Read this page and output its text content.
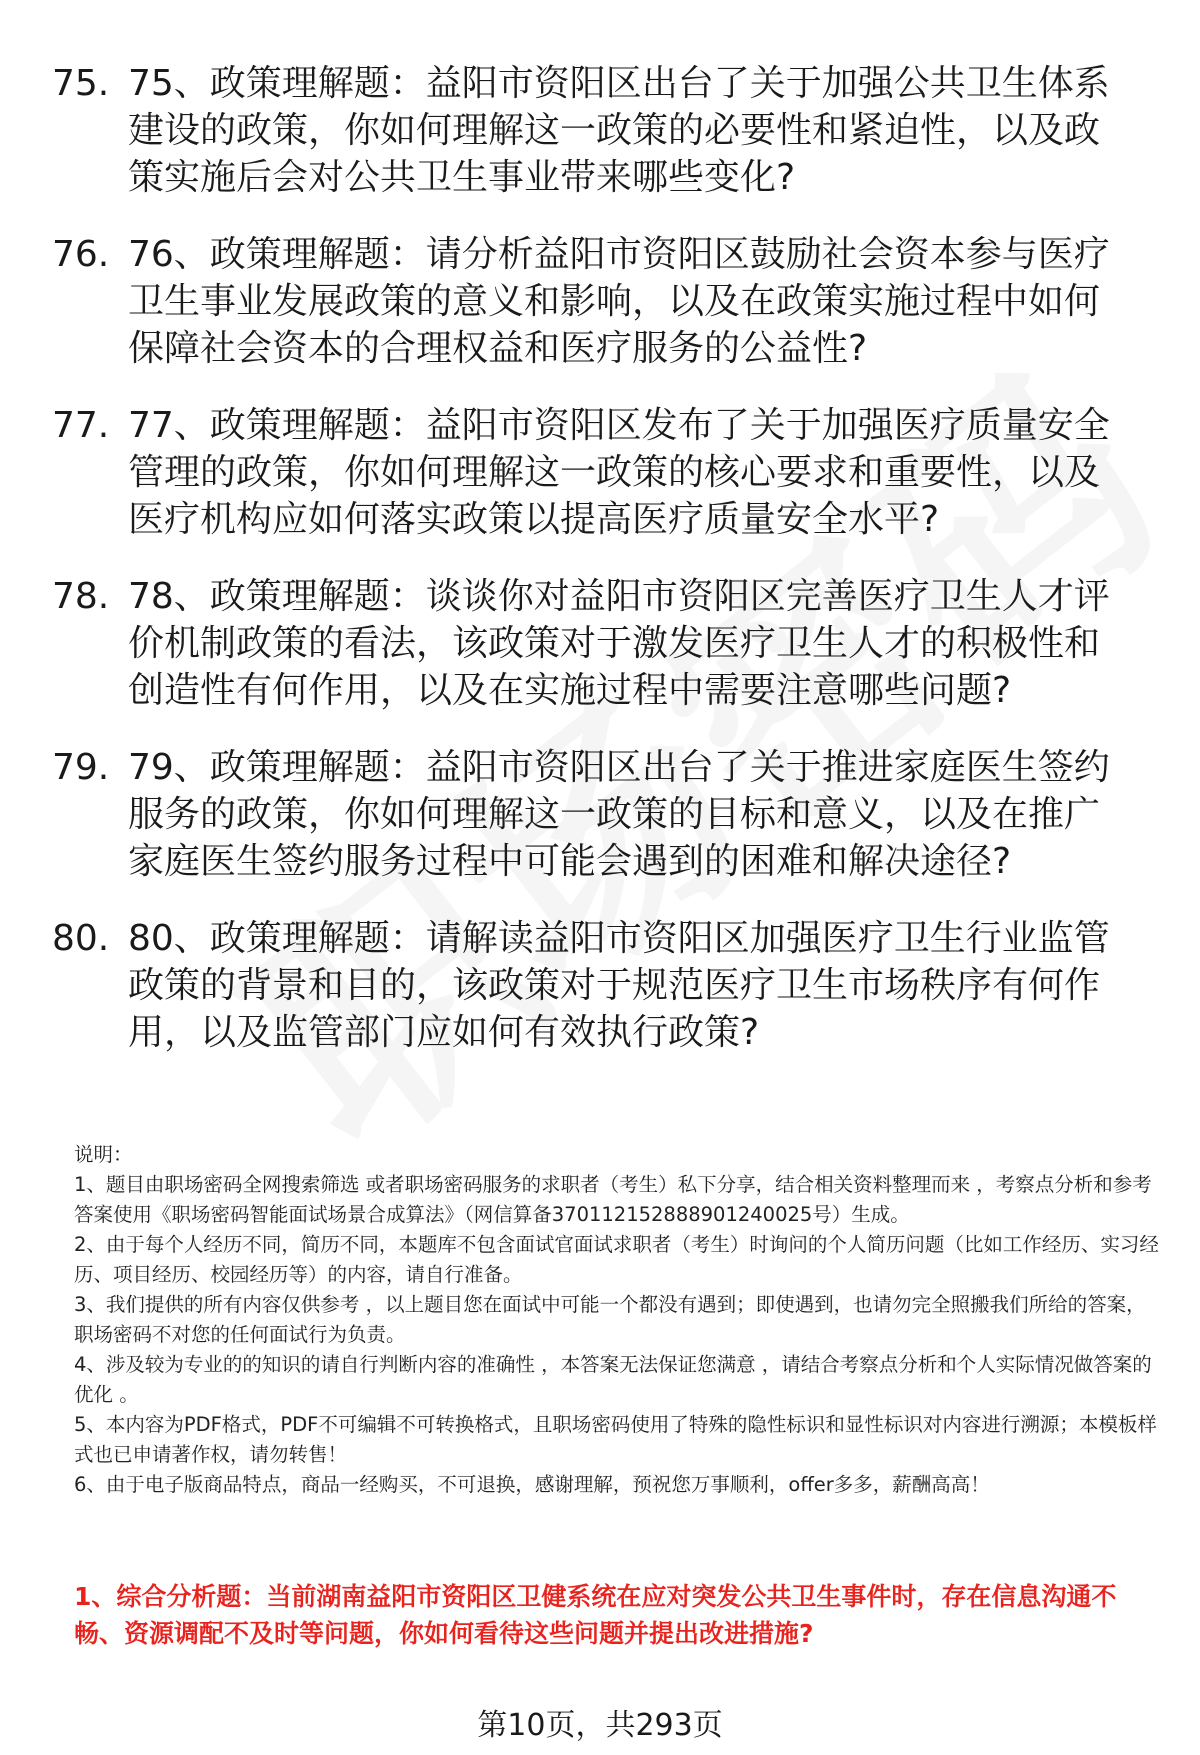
75. 75、政策理解题：益阳市资阳区出台了关于加强公共卫生体系建设的政策，你如何理解这一政策的必要性和紧迫性，以及政策实施后会对公共卫生事业带来哪些变化?
76. 76、政策理解题：请分析益阳市资阳区鼓励社会资本参与医疗卫生事业发展政策的意义和影响，以及在政策实施过程中如何保障社会资本的合理权益和医疗服务的公益性?
77. 77、政策理解题：益阳市资阳区发布了关于加强医疗质量安全管理的政策，你如何理解这一政策的核心要求和重要性，以及医疗机构应如何落实政策以提高医疗质量安全水平?
78. 78、政策理解题：谈谈你对益阳市资阳区完善医疗卫生人才评价机制政策的看法，该政策对于激发医疗卫生人才的积极性和创造性有何作用，以及在实施过程中需要注意哪些问题?
79. 79、政策理解题：益阳市资阳区出台了关于推进家庭医生签约服务的政策，你如何理解这一政策的目标和意义，以及在推广家庭医生签约服务过程中可能会遇到的困难和解决途径?
80. 80、政策理解题：请解读益阳市资阳区加强医疗卫生行业监管政策的背景和目的，该政策对于规范医疗卫生市场秩序有何作用，以及监管部门应如何有效执行政策?

说明：

1、题目由职场密码全网搜索筛选 或者职场密码服务的求职者（考生）私下分享，结合相关资料整理而来 ，考察点分析和参考答案使用《职场密码智能面试场景合成算法》（网信算备370112152888901240025号）生成。

2、由于每个人经历不同，简历不同，本题库不包含面试官面试求职者（考生）时询问的个人简历问题（比如工作经历、实习经历、项目经历、校园经历等）的内容，请自行准备。

3、我们提供的所有内容仅供参考 ，以上题目您在面试中可能一个都没有遇到；即使遇到，也请勿完全照搬我们所给的答案，职场密码不对您的任何面试行为负责。

4、涉及较为专业的的知识的请自行判断内容的准确性 ，本答案无法保证您满意 ，请结合考察点分析和个人实际情况做答案的优化 。

5、本内容为PDF格式，PDF不可编辑不可转换格式，且职场密码使用了特殊的隐性标识和显性标识对内容进行溯源；本模板样式也已申请著作权，请勿转售！

6、由于电子版商品特点，商品一经购买，不可退换，感谢理解，预祝您万事顺利，offer多多，薪酬高高！

1、综合分析题：当前湖南益阳市资阳区卫健系统在应对突发公共卫生事件时，存在信息沟通不畅、资源调配不及时等问题，你如何看待这些问题并提出改进措施?
第10页，共293页
